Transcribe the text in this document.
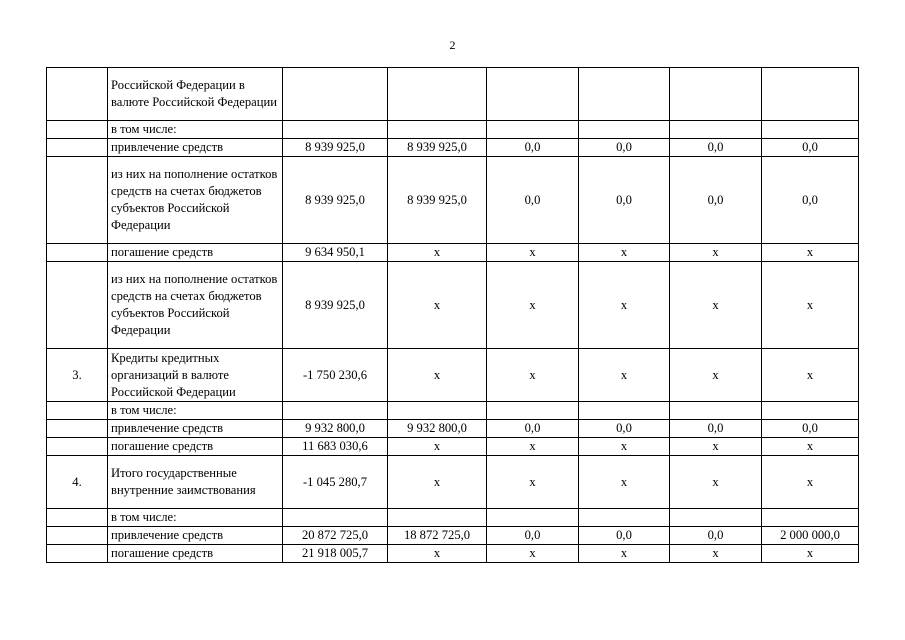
2
	Российской Федерации в валюте Российской Федерации						
	в том числе:						
	привлечение средств	8 939 925,0	8 939 925,0	0,0	0,0	0,0	0,0
	из них на пополнение остатков средств на счетах бюджетов субъектов Российской Федерации	8 939 925,0	8 939 925,0	0,0	0,0	0,0	0,0
	погашение средств	9 634 950,1	х	х	х	х	х
	из них на пополнение остатков средств на счетах бюджетов субъектов Российской Федерации	8 939 925,0	х	х	х	х	х
3.	Кредиты кредитных организаций в валюте Российской Федерации	-1 750 230,6	х	х	х	х	х
	в том числе:						
	привлечение средств	9 932 800,0	9 932 800,0	0,0	0,0	0,0	0,0
	погашение средств	11 683 030,6	х	х	х	х	х
4.	Итого государственные внутренние заимствования	-1 045 280,7	х	х	х	х	х
	в том числе:						
	привлечение средств	20 872 725,0	18 872 725,0	0,0	0,0	0,0	2 000 000,0
	погашение средств	21 918 005,7	х	х	х	х	х
